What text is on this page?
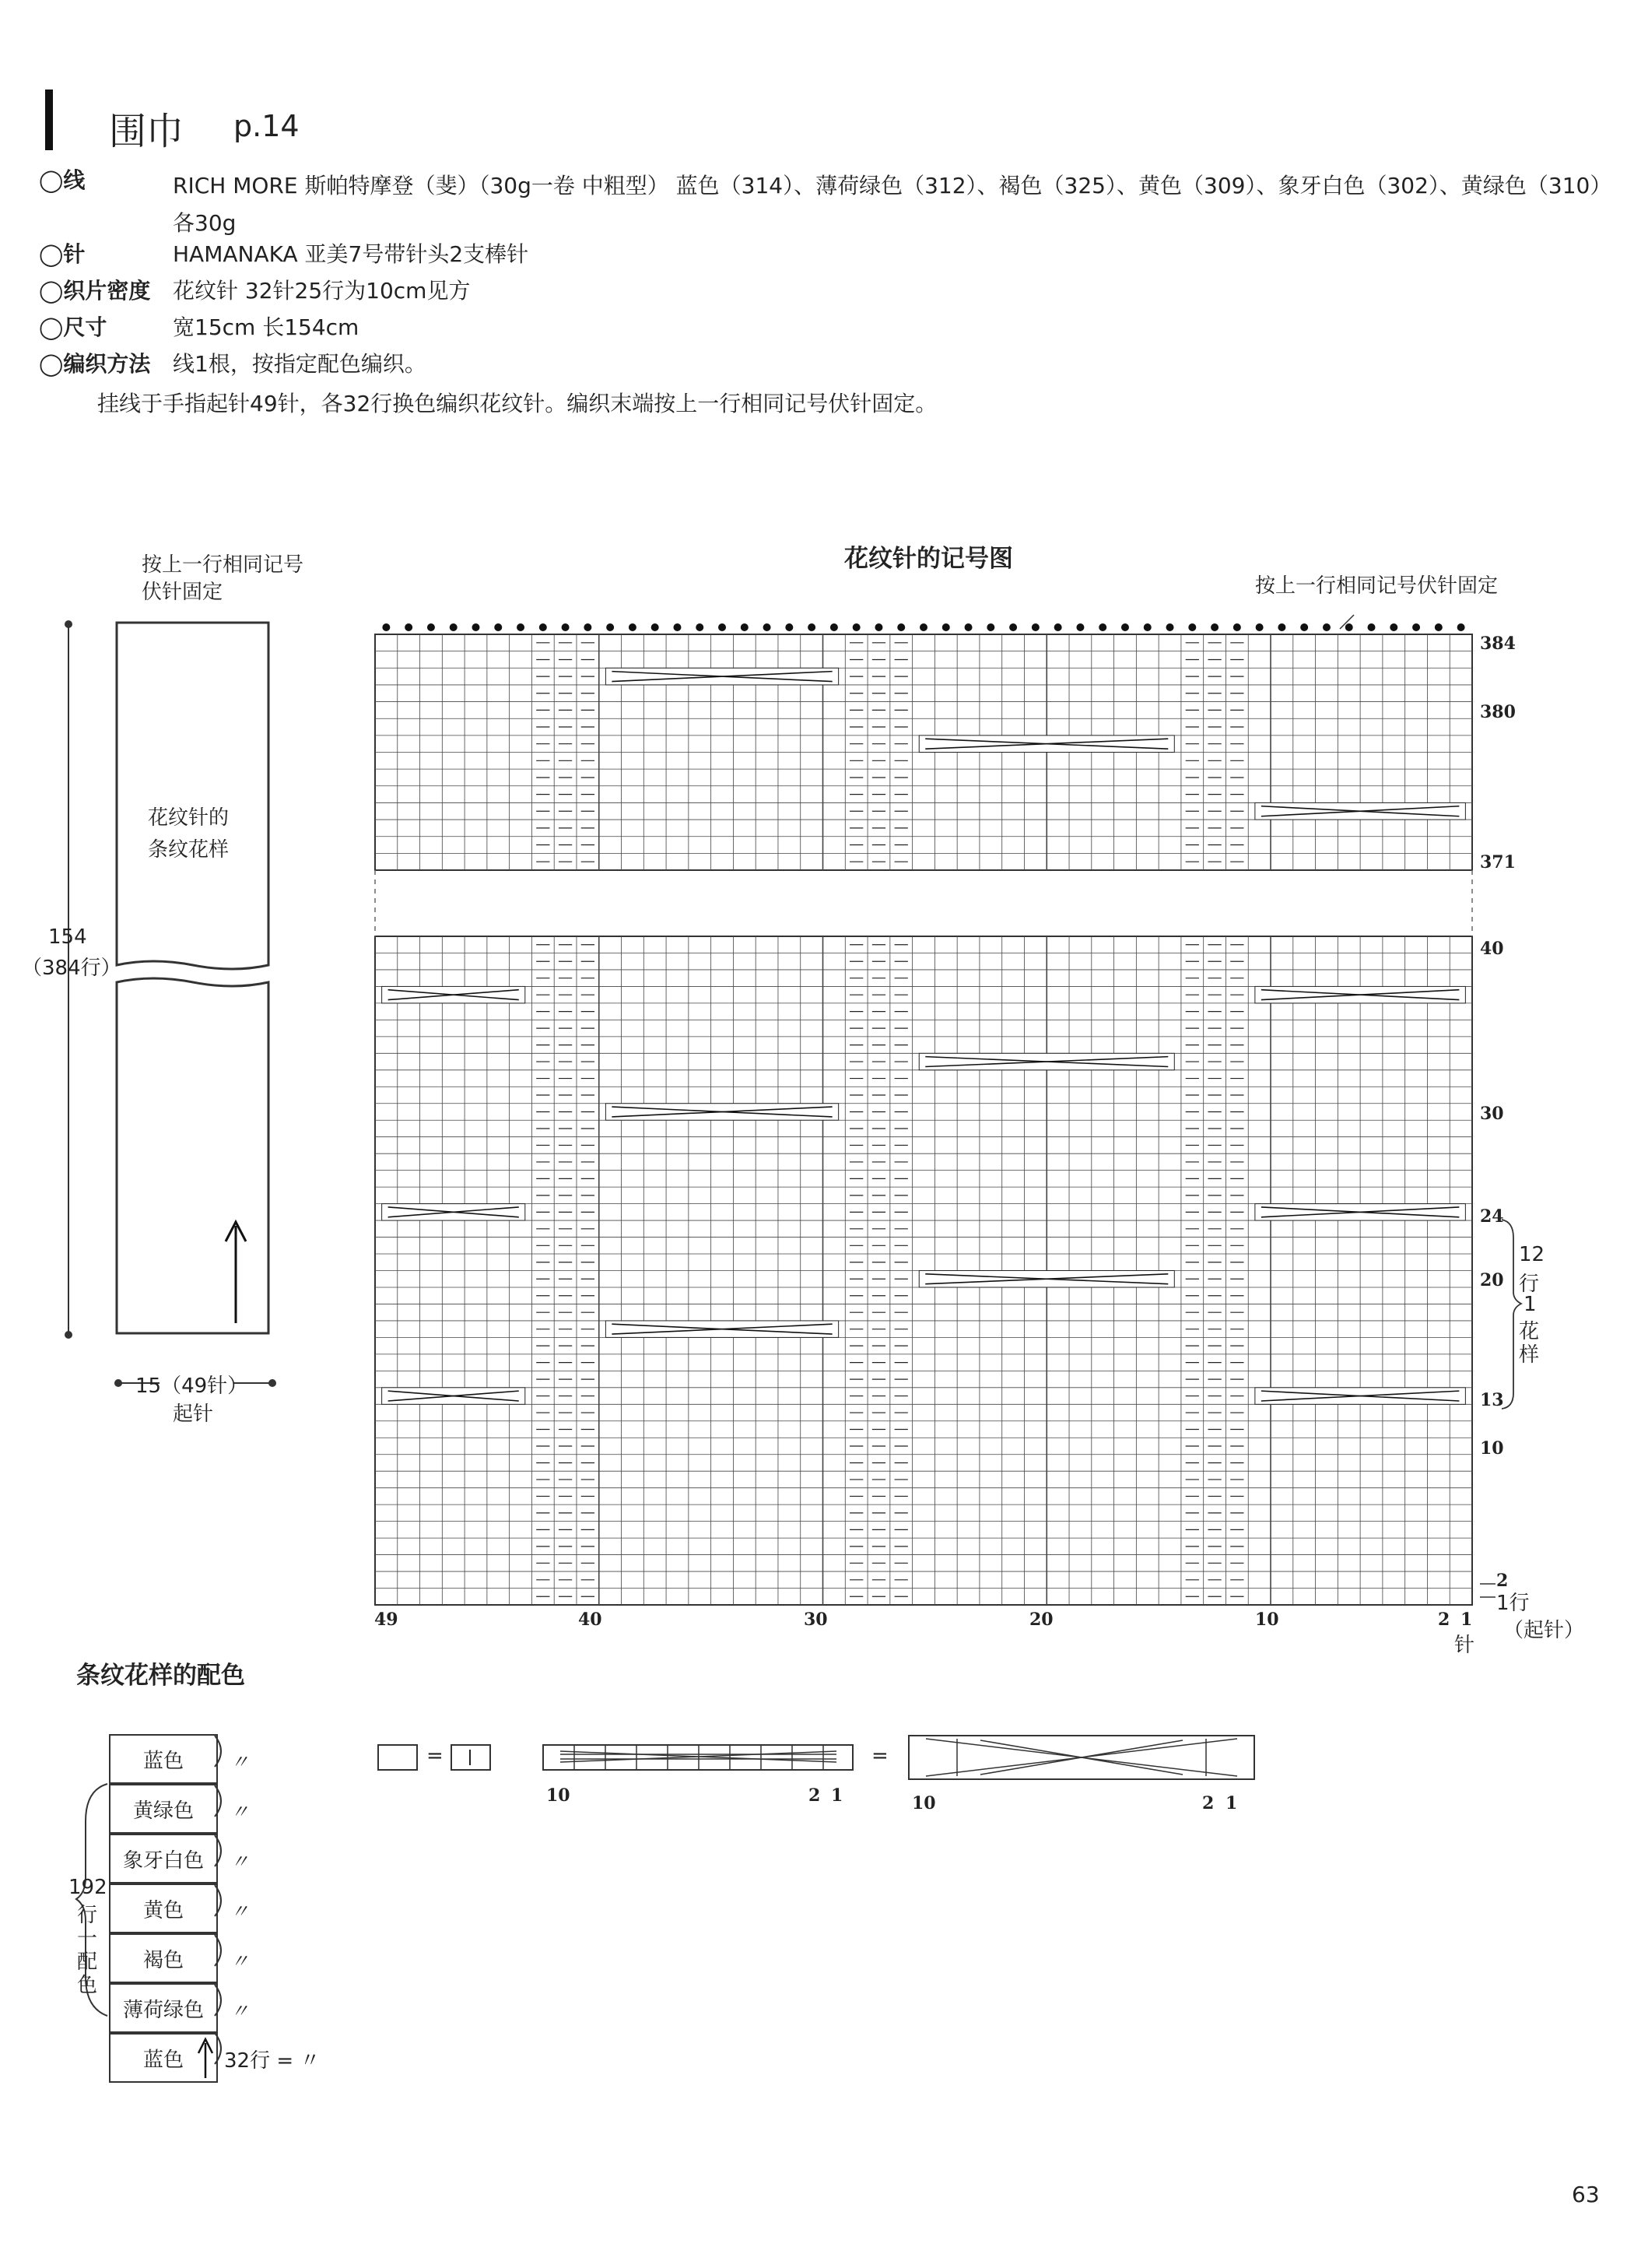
围巾 p.14
◯线	RICH MORE 斯帕特摩登（斐）（30g一卷 中粗型） 蓝色（314）、薄荷绿色（312）、褐色（325）、黄色（309）、象牙白色（302）、黄绿色（310）各30g
◯针	HAMANAKA 亚美7号带针头2支棒针
◯织片密度 花纹针 32针25行为10cm见方
◯尺寸	宽15cm 长154cm
◯编织方法 线1根，按指定配色编织。
挂线于手指起针49针，各32行换色编织花纹针。编织末端按上一行相同记号伏针固定。
按上一行相同记号
伏针固定
花纹针的
条纹花样
154
（384行）
15（49针）
起针
花纹针的记号图
按上一行相同记号伏针固定
384
380
371
40
30
24
20
13
10
2
1行
12
行
1
花
样
49	40	30	20	10	2 1
针
（起针）
条纹花样的配色
蓝色
黄绿色
象牙白色
黄色
褐色
薄荷绿色
蓝色
〃
〃
〃
〃
〃
〃
32行 = 〃
192
行
一
配
色
=	=
10	2 1	10	2 1
63
